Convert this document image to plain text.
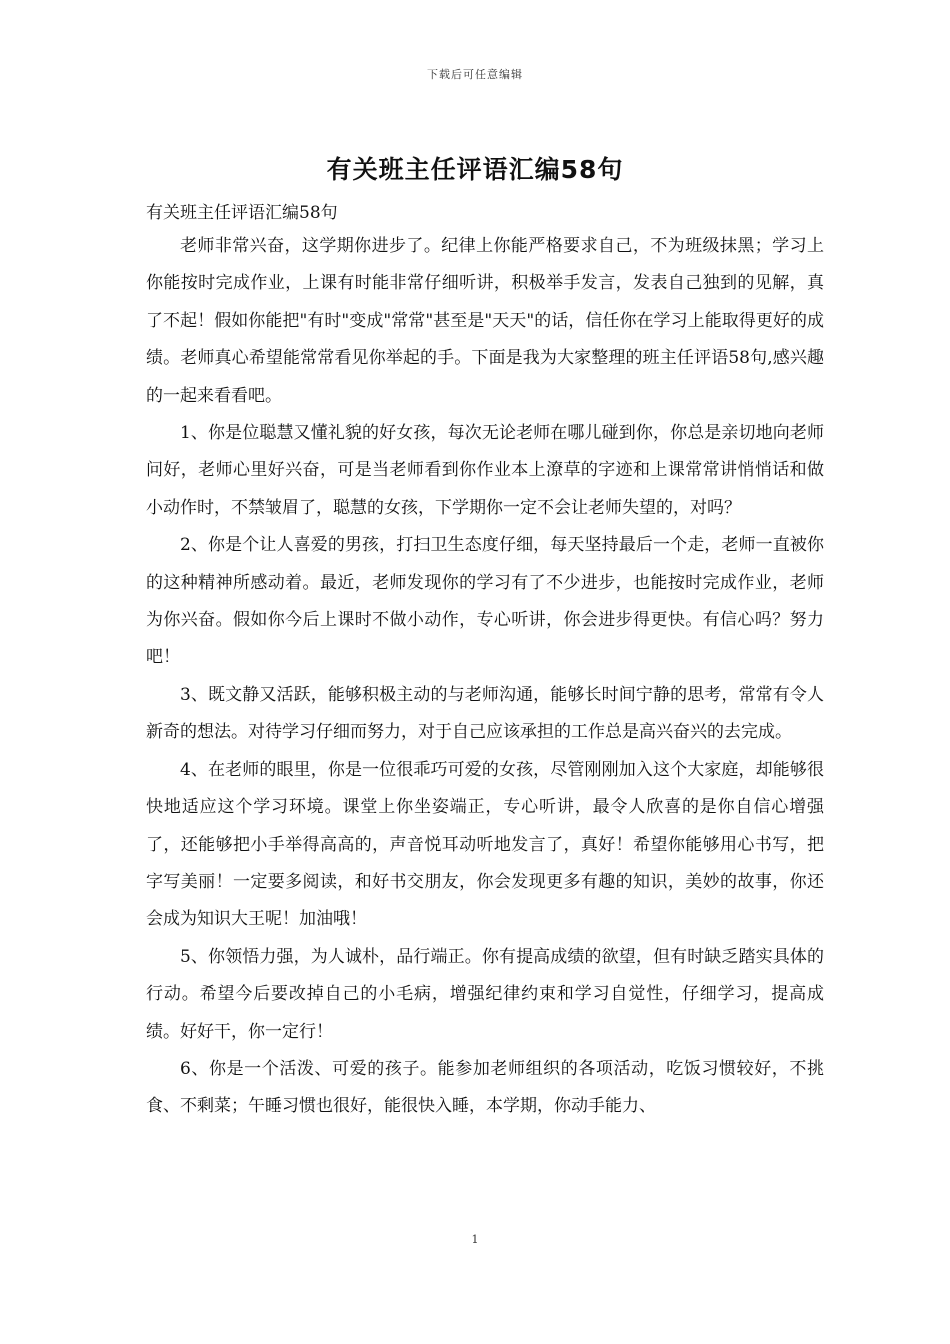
下载后可任意编辑
有关班主任评语汇编58句

有关班主任评语汇编58句

老师非常兴奋，这学期你进步了。纪律上你能严格要求自己，不为班级抹黑；学习上你能按时完成作业，上课有时能非常仔细听讲，积极举手发言，发表自己独到的见解，真了不起！假如你能把"有时"变成"常常"甚至是"天天"的话，信任你在学习上能取得更好的成绩。老师真心希望能常常看见你举起的手。下面是我为大家整理的班主任评语58句,感兴趣的一起来看看吧。

1、你是位聪慧又懂礼貌的好女孩，每次无论老师在哪儿碰到你，你总是亲切地向老师问好，老师心里好兴奋，可是当老师看到你作业本上潦草的字迹和上课常常讲悄悄话和做小动作时，不禁皱眉了，聪慧的女孩，下学期你一定不会让老师失望的，对吗？

2、你是个让人喜爱的男孩，打扫卫生态度仔细，每天坚持最后一个走，老师一直被你的这种精神所感动着。最近，老师发现你的学习有了不少进步，也能按时完成作业，老师为你兴奋。假如你今后上课时不做小动作，专心听讲，你会进步得更快。有信心吗？努力吧！

3、既文静又活跃，能够积极主动的与老师沟通，能够长时间宁静的思考，常常有令人新奇的想法。对待学习仔细而努力，对于自己应该承担的工作总是高兴奋兴的去完成。

4、在老师的眼里，你是一位很乖巧可爱的女孩，尽管刚刚加入这个大家庭，却能够很快地适应这个学习环境。课堂上你坐姿端正，专心听讲，最令人欣喜的是你自信心增强了，还能够把小手举得高高的，声音悦耳动听地发言了，真好！希望你能够用心书写，把字写美丽！一定要多阅读，和好书交朋友，你会发现更多有趣的知识，美妙的故事，你还会成为知识大王呢！加油哦！

5、你领悟力强，为人诚朴，品行端正。你有提高成绩的欲望，但有时缺乏踏实具体的行动。希望今后要改掉自己的小毛病，增强纪律约束和学习自觉性，仔细学习，提高成绩。好好干，你一定行！

6、你是一个活泼、可爱的孩子。能参加老师组织的各项活动，吃饭习惯较好，不挑食、不剩菜；午睡习惯也很好，能很快入睡，本学期，你动手能力、

1
